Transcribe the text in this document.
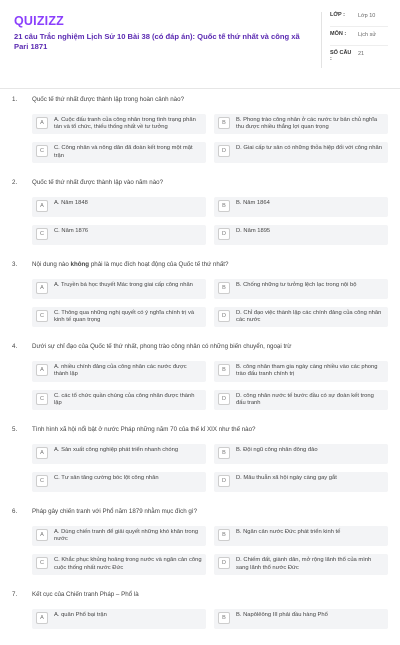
QUIZIZZ
21 câu Trắc nghiệm Lịch Sử 10 Bài 38 (có đáp án): Quốc tế thứ nhất và công xã Pari 1871
LỚP :	Lớp 10
MÔN :	Lịch sử
SỐ CÂU :
21
1.	Quốc tế thứ nhất được thành lập trong hoàn cảnh nào?
A	A. Cuộc đấu tranh của công nhân trong tình trạng phân tán và tổ chức, thiếu thống nhất về tư tưởng
B	B. Phong trào công nhân ở các nước tư bản chủ nghĩa thu được nhiều thắng lợi quan trọng
C	C. Công nhân và nông dân đã đoàn kết trong một mặt trận
D	D. Giai cấp tư sản có những thỏa hiệp đối với công nhân
2.	Quốc tế thứ nhất được thành lập vào năm nào?
A	A. Năm 1848	B	B. Năm 1864
C	C. Năm 1876	D	D. Năm 1895
3.	Nội dung nào không phải là mục đích hoạt động của Quốc tế thứ nhất?
A	A. Truyền bá học thuyết Mác trong giai cấp công nhân	B	B. Chống những tư tưởng lệch lạc trong nội bộ
C	C. Thông qua những nghị quyết có ý nghĩa chính trị và kinh tế quan trọng
D	D. Chỉ đạo việc thành lập các chính đảng của công nhân các nước
4.	Dưới sự chỉ đạo của Quốc tế thứ nhất, phong trào công nhân có những biến chuyển, ngoại trừ
A	A. nhiều chính đảng của công nhân các nước được thành lập
B	B. công nhân tham gia ngày càng nhiều vào các phong trào đấu tranh chính trị
C	C. các tổ chức quần chúng của công nhân được thành lập
D	D. công nhân nước tế bước đầu có sự đoàn kết trong đấu tranh
5.	Tình hình xã hội nổi bật ở nước Pháp những năm 70 của thế kỉ XIX như thế nào?
A	A. Sản xuất công nghiệp phát triển nhanh chóng	B	B. Đội ngũ công nhân đông đảo
C	C. Tư sản tăng cường bóc lột công nhân	D	D. Mâu thuẫn xã hội ngày càng gay gắt
6.	Pháp gây chiến tranh với Phổ năm 1879 nhằm mục đích gì?
A	A. Dùng chiến tranh để giải quyết những khó khăn trong nước
B	B. Ngăn cản nước Đức phát triển kinh tế
C	C. Khắc phục khủng hoảng trong nước và ngăn cản công cuộc thống nhất nước Đức
D	D. Chiếm đất, giành dân, mở rộng lãnh thổ của mình sang lãnh thổ nước Đức
7.	Kết cục của Chiến tranh Pháp – Phổ là
A	A. quân Phổ bại trận	B	B. Napôlêông III phải đầu hàng Phổ
